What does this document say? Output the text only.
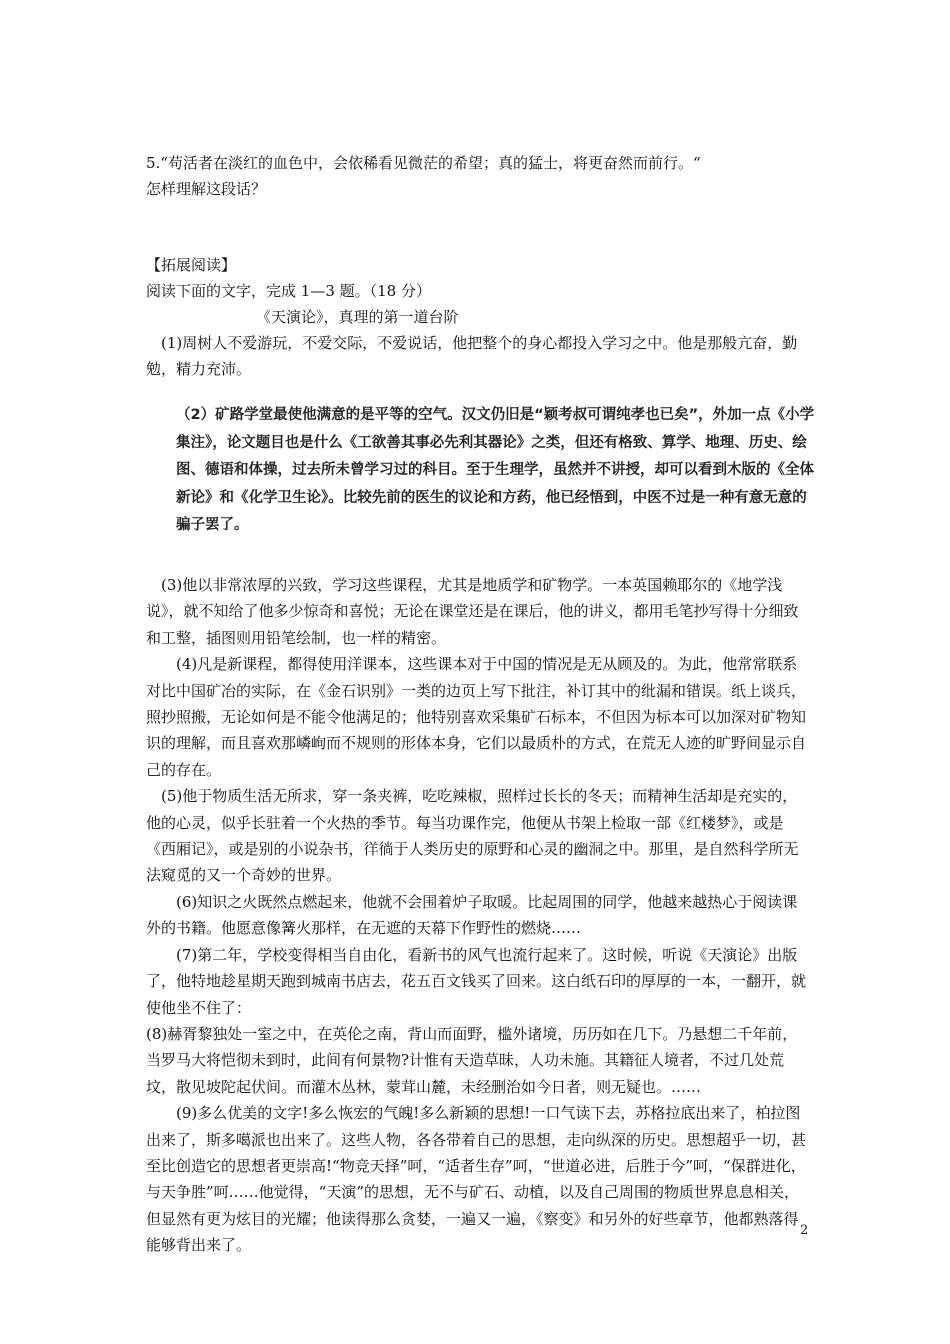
5.“苟活者在淡红的血色中，会依稀看见微茫的希望；真的猛士，将更奋然而前行。“

怎样理解这段话？

【拓展阅读】

阅读下面的文字，完成 1—3 题。（18 分）

《天演论》，真理的第一道台阶

(1)周树人不爱游玩，不爱交际，不爱说话，他把整个的身心都投入学习之中。他是那般亢奋，勤勉，精力充沛。

（2）矿路学堂最使他满意的是平等的空气。汉文仍旧是“颖考叔可谓纯孝也已矣”，外加一点《小学集注》，论文题目也是什么《工欲善其事必先利其器论》之类，但还有格致、算学、地理、历史、绘图、德语和体操，过去所未曾学习过的科目。至于生理学，虽然并不讲授，却可以看到木版的《全体新论》和《化学卫生论》。比较先前的医生的议论和方药，他已经悟到，中医不过是一种有意无意的骗子罢了。

(3)他以非常浓厚的兴致，学习这些课程，尤其是地质学和矿物学。一本英国赖耶尔的《地学浅说》，就不知给了他多少惊奇和喜悦；无论在课堂还是在课后，他的讲义，都用毛笔抄写得十分细致和工整，插图则用铅笔绘制，也一样的精密。

(4)凡是新课程，都得使用洋课本，这些课本对于中国的情况是无从顾及的。为此，他常常联系对比中国矿冶的实际，在《金石识别》一类的边页上写下批注，补订其中的纰漏和错误。纸上谈兵，照抄照搬，无论如何是不能令他满足的；他特别喜欢采集矿石标本，不但因为标本可以加深对矿物知识的理解，而且喜欢那嶙峋而不规则的形体本身，它们以最质朴的方式，在荒无人迹的旷野间显示自己的存在。

(5)他于物质生活无所求，穿一条夹裤，吃吃辣椒，照样过长长的冬天；而精神生活却是充实的，他的心灵，似乎长驻着一个火热的季节。每当功课作完，他便从书架上检取一部《红楼梦》，或是《西厢记》，或是别的小说杂书，徉徜于人类历史的原野和心灵的幽洞之中。那里，是自然科学所无法窥觅的又一个奇妙的世界。

(6)知识之火既然点燃起来，他就不会围着炉子取暖。比起周围的同学，他越来越热心于阅读课外的书籍。他愿意像篝火那样，在无遮的天幕下作野性的燃烧……

(7)第二年，学校变得相当自由化，看新书的风气也流行起来了。这时候，听说《天演论》出版了，他特地趁星期天跑到城南书店去，花五百文钱买了回来。这白纸石印的厚厚的一本，一翻开，就使他坐不住了：

(8)赫胥黎独处一室之中，在英伦之南，背山而面野，槛外诸境，历历如在几下。乃悬想二千年前，当罗马大将恺彻未到时，此间有何景物?计惟有天造草昧，人功未施。其籍征人境者，不过几处荒坟，散见坡陀起伏间。而灌木丛林，蒙茸山麓，未经删治如今日者，则无疑也。……

(9)多么优美的文字!多么恢宏的气魄!多么新颖的思想!一口气读下去，苏格拉底出来了，柏拉图出来了，斯多噶派也出来了。这些人物，各各带着自己的思想，走向纵深的历史。思想超乎一切，甚至比创造它的思想者更崇高!“物竞天择”呵，“适者生存”呵，“世道必进，后胜于今”呵，“保群进化，与天争胜”呵……他觉得，“天演”的思想，无不与矿石、动植，以及自己周围的物质世界息息相关，但显然有更为炫目的光耀；他读得那么贪婪，一遍又一遍，《察变》和另外的好些章节，他都熟落得能够背出来了。

2
